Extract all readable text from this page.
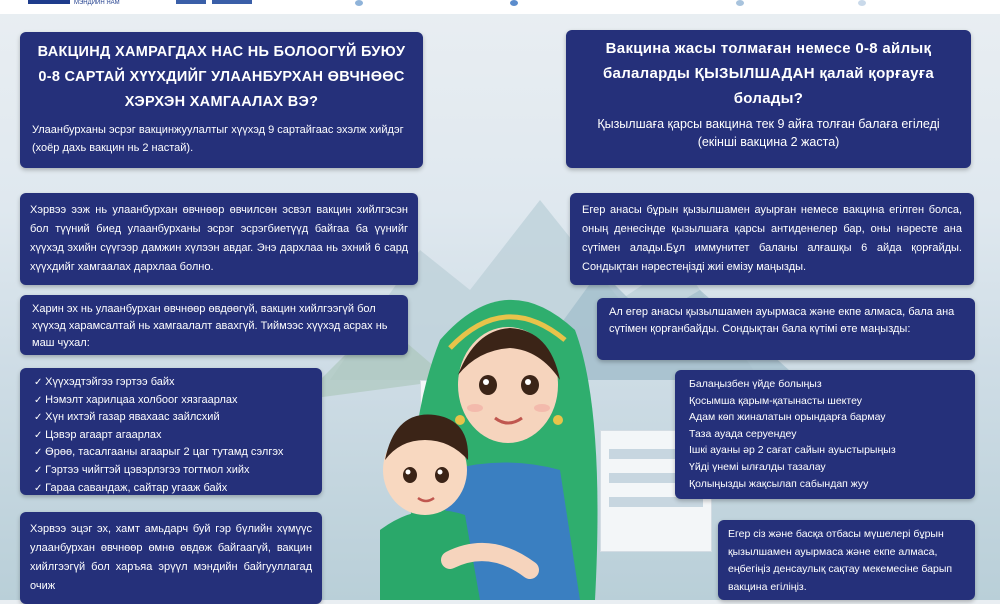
МЭНДИЙН ЯАМ
ВАКЦИНД ХАМРАГДАХ НАС НЬ БОЛООГҮЙ БУЮУ 0-8 САРТАЙ ХҮҮХДИЙГ УЛААНБУРХАН ӨВЧНӨӨС ХЭРХЭН ХАМГААЛАХ ВЭ?
Улаанбурханы эсрэг вакцинжуулалтыг хүүхэд 9 сартайгаас эхэлж хийдэг (хоёр дахь вакцин нь 2 настай).
Хэрвээ ээж нь улаанбурхан өвчнөөр өвчилсөн эсвэл вакцин хийлгэсэн бол түүний биед улаанбурханы эсрэг эсрэгбиетүүд байгаа ба үүнийг хүүхэд эхийн сүүгээр дамжин хүлээн авдаг. Энэ дархлаа нь эхний 6 сард хүүхдийг хамгаалах дархлаа болно.
Харин эх нь улаанбурхан өвчнөөр өвдөөгүй, вакцин хийлгээгүй бол хүүхэд харамсалтай нь хамгаалалт авахгүй. Тиймээс хүүхэд асрах нь маш чухал:
✓ Хүүхэдтэйгээ гэртээ байх
✓ Нэмэлт харилцаа холбоог хязгаарлах
✓ Хүн ихтэй газар явахаас зайлсхий
✓ Цэвэр агаарт агаарлах
✓ Өрөө, тасалгааны агаарыг 2 цаг тутамд сэлгэх
✓ Гэртээ чийгтэй цэвэрлэгээ тогтмол хийх
✓ Гараа савандаж, сайтар угааж байх
Хэрвээ эцэг эх, хамт амьдарч буй гэр бүлийн хүмүүс улаанбурхан өвчнөөр өмнө өвдөж байгаагүй, вакцин хийлгээгүй бол харъяа эрүүл мэндийн байгууллагад очиж
Вакцина жасы толмаған немесе 0-8 айлық балаларды ҚЫЗЫЛШАДАН қалай қорғауға болады?
Қызылшаға қарсы вакцина тек 9 айға толған балаға егіледі (екінші вакцина 2 жаста)
Егер анасы бұрын қызылшамен ауырған немесе вакцина егілген болса, оның денесінде қызылшаға қарсы антиденелер бар, оны нәресте ана сүтімен алады.Бұл иммунитет баланы алғашқы 6 айда қорғайды. Сондықтан нәрестеңізді жиі емізу маңызды.
Ал егер анасы қызылшамен ауырмаса және екпе алмаса, бала ана сүтімен қорғанбайды. Сондықтан бала күтімі өте маңызды:
Балаңызбен үйде болыңыз
Қосымша қарым-қатынасты шектеу
Адам көп жиналатын орындарға бармау
Таза ауада серуендеу
Ішкі ауаны әр 2 сағат сайын ауыстырыңыз
Үйді үнемі ылғалды тазалау
Қолыңызды жақсылап сабындап жуу
Егер сіз және басқа отбасы мүшелері бұрын қызылшамен ауырмаса және екпе алмаса, еңбегіңіз денсаулық сақтау мекемесіне барып вакцина егіліңіз.
